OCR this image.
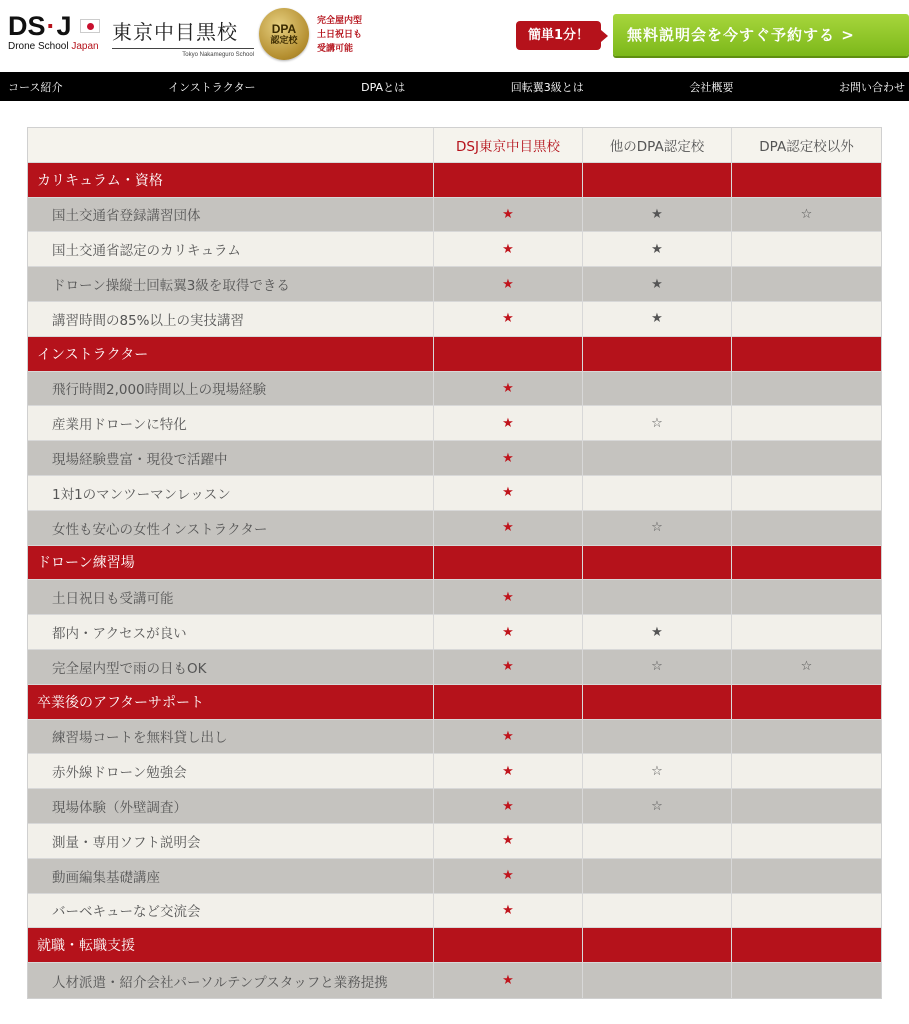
DS · J
Drone School Japan
東京中目黒校
Tokyo Nakameguro School
DPA
認定校
完全屋内型
土日祝日も
受講可能
簡単1分！	無料説明会を今すぐ予約する >
コース紹介	インストラクター	DPAとは	回転翼3級とは	会社概要	お問い合わせ
DSJ東京中目黒校	他のDPA認定校	DPA認定校以外
カリキュラム・資格
国土交通省登録講習団体	★	★	☆
国土交通省認定のカリキュラム	★	★
ドローン操縦士回転翼3級を取得できる	★	★
講習時間の85%以上の実技講習	★	★
インストラクター
飛行時間2,000時間以上の現場経験	★
産業用ドローンに特化	★	☆
現場経験豊富・現役で活躍中	★
1対1のマンツーマンレッスン	★
女性も安心の女性インストラクター	★	☆
ドローン練習場
土日祝日も受講可能	★
都内・アクセスが良い	★	★
完全屋内型で雨の日もOK	★	☆	☆
卒業後のアフターサポート
練習場コートを無料貸し出し	★
赤外線ドローン勉強会	★	☆
現場体験（外壁調査）	★	☆
測量・専用ソフト説明会	★
動画編集基礎講座	★
バーベキューなど交流会	★
就職・転職支援
人材派遣・紹介会社パーソルテンプスタッフと業務提携	★
